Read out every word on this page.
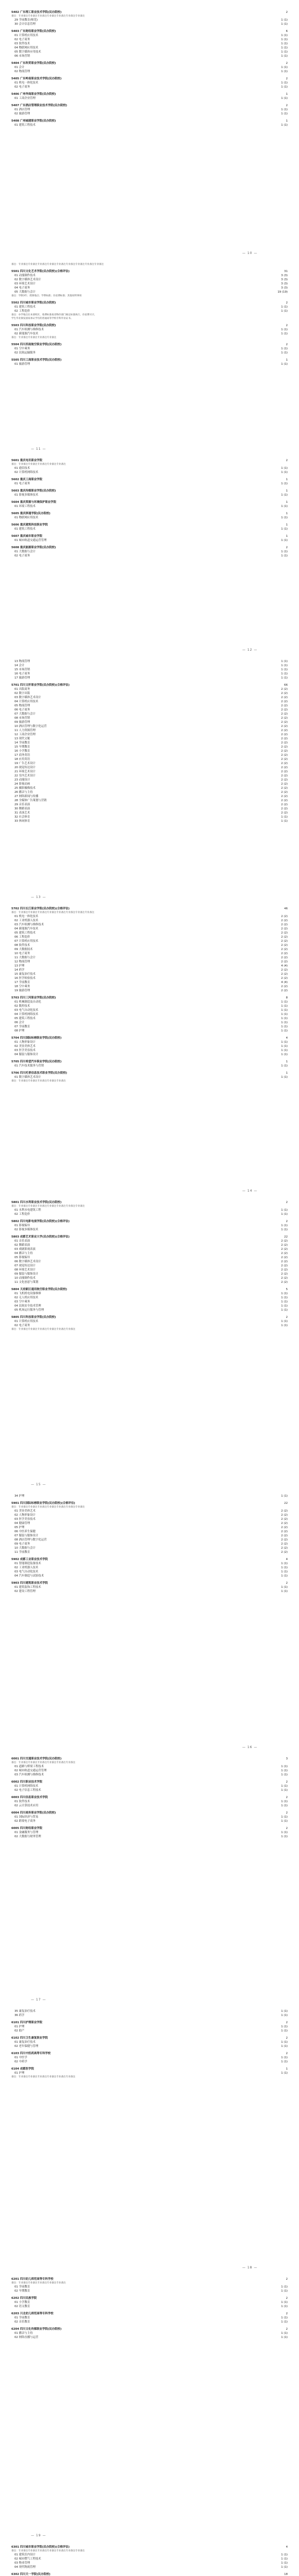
5402 广东理工职业技术学院(民办院校)	2
备注：专业备注专业备注专业备注专业备注专业备注专业备注专业备注
29 学前教育(师范)	1 (1)
30 会计信息管理	1 (1)
5403 广东财经职业学院(民办院校)	6
01 计算机应用技术	1 (1)
02 电子商务	1 (1)
03 软件技术	1 (1)
04 物联网应用技术	1 (1)
05 数字媒体应用技术	1 (1)
06 市场营销	1 (1)
5404 广东科贸职业学院(民办院校)	2
01 会计	1 (1)
02 物流管理	1 (1)
5405 广东岭南职业技术学院(民办院校)	2
01 机电一体化技术	1 (1)
02 电子商务	1 (1)
5406 广州华商职业学院(民办院校)	1
01 工商企业管理	1 (1)
5407 广东酒店管理职业技术学院(民办院校)	2
01 酒店管理	1 (1)
02 旅游管理	1 (1)
5408 广州城建职业学院(民办院校)	1
01 建筑工程技术	1 (1)
备注：专业备注专业备注专业备注专业备注专业备注专业备注专业备注专业备注专业备注
5501 四川文化艺术学院(民办院校)(合格评估)	31
01 动漫制作技术	3 (3)
02 数字媒体艺术设计	3 (3)
03 环境艺术设计	3 (3)
04 电子商务	3 (3)
05 大数据与会计	19 (19)
备注：学制3年；授课地点；学费标准；住宿费标准；其他说明事项
5502 四川城市职业学院(民办院校)	2
01 建筑工程技术	1 (1)
02 工程造价	1 (1)
备注：办学地点在本部校区，收费标准按省物价部门核定标准执行，住宿费另计，
学生毕业颁发国家承认学历的普通高等学校专科毕业证书。
5503 四川科技职业学院(民办院校)	2
01 汽车检测与维修技术	1 (1)
02 新能源汽车技术	1 (1)
备注：专业备注专业备注专业备注专业备注
5504 四川西南航空职业学院(民办院校)	2
01 空中乘务	1 (1)
02 民航运输服务	1 (1)
5505 四川工商职业技术学院(民办院校)	1
01 旅游管理	1 (1)
— 10 —
5601 重庆电讯职业学院	2
备注：专业备注专业备注专业备注专业备注专业备注
01 通信技术	1 (1)
02 计算机网络技术	1 (1)
5602 重庆工商职业学院	1
01 电子商务	1 (1)
5603 重庆传媒职业学院(民办院校)	1
01 影视多媒体技术	1 (1)
5604 重庆资源与环境保护职业学院	1
01 环境工程技术	1 (1)
5605 重庆移通学院(民办院校)	1
01 物联网应用技术	1 (1)
5606 重庆建筑科技职业学院	1
01 建筑工程技术	1 (1)
5607 重庆城市职业学院	1
01 城市轨道交通运营管理	1 (1)
5608 重庆能源职业学院(民办院校)	2
01 大数据与会计	1 (1)
02 电子商务	1 (1)
— 11 —
13 物流管理	1 (1)
14 会计	1 (1)
15 市场营销	1 (1)
16 电子商务	1 (1)
17 旅游管理	1 (1)
5701 四川文轩职业学院(民办院校)(合格评估)	66
01 出版商务	2 (2)
02 数字出版	2 (2)
03 数字媒体艺术设计	2 (2)
04 计算机应用技术	2 (2)
05 物流管理	2 (2)
06 电子商务	2 (2)
07 大数据与会计	2 (2)
08 市场营销	2 (2)
09 旅游管理	2 (2)
10 酒店管理与数字化运营	2 (2)
11 人力资源管理	2 (2)
12 工商企业管理	2 (2)
13 现代文秘	2 (2)
14 学前教育	2 (2)
15 早期教育	2 (2)
16 小学教育	2 (2)
17 商务英语	2 (2)
18 应用英语	2 (2)
19 广告艺术设计	2 (2)
20 视觉传达设计	2 (2)
21 环境艺术设计	2 (2)
22 室内艺术设计	2 (2)
23 动漫设计	2 (2)
24 影视动画	2 (2)
25 摄影摄像技术	2 (2)
26 播音与主持	2 (2)
27 网络新闻与传播	2 (2)
28 全媒体广告策划与营销	2 (2)
29 音乐表演	2 (2)
30 舞蹈表演	2 (2)
31 表演艺术	2 (2)
32 社会体育	1 (1)
33 休闲体育	1 (1)
— 12 —
5702 四川长江职业学院(民办院校)(合格评估)	46
备注：专业备注专业备注专业备注专业备注专业备注专业备注专业备注专业备注
01 机电一体化技术	2 (2)
02 工业机器人技术	2 (2)
03 汽车检测与维修技术	2 (2)
04 新能源汽车技术	2 (2)
05 建筑工程技术	2 (2)
06 工程造价	2 (2)
07 计算机应用技术	2 (2)
08 软件技术	2 (2)
09 大数据技术	2 (2)
10 电子商务	2 (2)
11 大数据与会计	2 (2)
12 物流管理	2 (2)
13 护理	4 (4)
14 药学	2 (2)
15 康复治疗技术	2 (2)
16 医学检验技术	2 (2)
17 学前教育	4 (4)
18 空中乘务	2 (2)
19 旅游管理	2 (2)
5703 四川三河职业学院(民办院校)	8
01 机械制造及自动化	1 (1)
02 数控技术	1 (1)
03 电气自动化技术	1 (1)
04 计算机网络技术	1 (1)
05 建筑工程技术	1 (1)
06 会计	1 (1)
07 学前教育	1 (1)
08 护理	1 (1)
5704 四川国际标榜职业学院(民办院校)	4
01 人物形象设计	1 (1)
02 美容美体艺术	1 (1)
03 医学美容技术	1 (1)
04 服装与服饰设计	1 (1)
5705 四川希望汽车职业学院(民办院校)	1
01 汽车技术服务与营销	1 (1)
5706 四川托普信息技术职业学院(民办院校)	1
01 数字媒体艺术设计	1 (1)
备注：专业备注专业备注专业备注专业备注专业备注
— 13 —
5801 四川水利职业技术学院(民办院校)	2
备注：专业备注专业备注专业备注专业备注专业备注专业备注专业备注
01 水利水电建筑工程	1 (1)
02 工程造价	1 (1)
5802 四川电影电视学院(民办院校)(合格评估)	2
01 影视编导	1 (1)
02 影视多媒体技术	1 (1)
5803 成都艺术职业大学(民办院校)(合格评估)	22
01 音乐表演	2 (2)
02 舞蹈表演	2 (2)
03 戏剧影视表演	2 (2)
04 播音与主持	2 (2)
05 影视编导	2 (2)
06 数字媒体艺术设计	2 (2)
07 视觉传达设计	2 (2)
08 环境艺术设计	2 (2)
09 服装与服饰设计	2 (2)
10 动漫制作技术	2 (2)
11 文化创意与策划	2 (2)
5804 天府新区通用航空职业学院(民办院校)	5
01 飞机机电设备维修	1 (1)
02 无人机应用技术	1 (1)
03 空中乘务	1 (1)
04 民航安全技术管理	1 (1)
05 机场运行服务与管理	1 (1)
5805 四川科技职业学院(民办院校)	2
01 计算机应用技术	1 (1)
02 电子商务	1 (1)
备注：专业备注专业备注专业备注专业备注专业备注专业备注
— 14 —
34 护理	1 (1)
5901 四川国际标榜职业学院(民办院校)(合格评估)	22
备注：专业备注专业备注专业备注专业备注专业备注专业备注专业备注
01 美容美体艺术	2 (2)
02 人物形象设计	2 (2)
03 医学美容技术	2 (2)
04 健康管理	2 (2)
05 护理	2 (2)
06 中医养生保健	2 (2)
07 服装与服饰设计	2 (2)
08 酒店管理与数字化运营	2 (2)
09 电子商务	2 (2)
10 大数据与会计	2 (2)
11 学前教育	2 (2)
5902 成都工业职业技术学院	4
01 智能制造装备技术	1 (1)
02 工业机器人技术	1 (1)
03 电气自动化技术	1 (1)
04 汽车制造与试验技术	1 (1)
5903 四川建筑职业技术学院	2
01 建筑装饰工程技术	1 (1)
02 建设工程管理	1 (1)
— 15 —
6001 四川交通职业技术学院(民办院校)	3
备注：专业备注专业备注专业备注专业备注专业备注专业备注
01 道路与桥梁工程技术	1 (1)
02 城市轨道交通运营管理	1 (1)
03 汽车检测与维修技术	1 (1)
6002 四川职业技术学院	2
01 计算机网络技术	1 (1)
02 电子信息工程技术	1 (1)
6003 四川信息职业技术学院	2
01 软件技术	1 (1)
02 云计算技术应用	1 (1)
6004 四川商务职业学院(民办院校)	2
01 国际经济与贸易	1 (1)
02 跨境电子商务	1 (1)
6005 四川财经职业学院	2
01 金融服务与管理	1 (1)
02 大数据与财务管理	1 (1)
— 16 —
35 康复治疗技术	1 (1)
36 药学	1 (1)
6101 四川护理职业学院	2
01 护理	1 (1)
02 助产	1 (1)
6102 四川卫生康复职业学院	2
01 康复治疗技术	1 (1)
02 老年保健与管理	1 (1)
6103 四川中医药高等专科学校	2
01 中医学	1 (1)
02 中药学	1 (1)
6104 成都医学院	1
01 护理	1 (1)
备注：专业备注专业备注专业备注专业备注专业备注专业备注
— 17 —
6201 四川幼儿师范高等专科学校	2
备注：专业备注专业备注专业备注专业备注专业备注
01 学前教育	1 (1)
02 早期教育	1 (1)
6202 四川民族学院	2
01 小学教育	1 (1)
02 语文教育	1 (1)
6203 川北幼儿师范高等专科学校	2
01 学前教育	1 (1)
02 音乐教育	1 (1)
6204 四川文化传媒职业学院(民办院校)	2
01 播音与主持	1 (1)
02 网络直播与运营	1 (1)
— 18 —
6301 四川城市职业学院(民办院校)(合格评估)	4
备注：专业备注专业备注专业备注专业备注专业备注专业备注专业备注
01 建筑室内设计	1 (1)
02 城市燃气工程技术	1 (1)
03 物业管理	1 (1)
04 现代物流管理	1 (1)
6302 四川天一学院(民办院校)	18
— 19 —
